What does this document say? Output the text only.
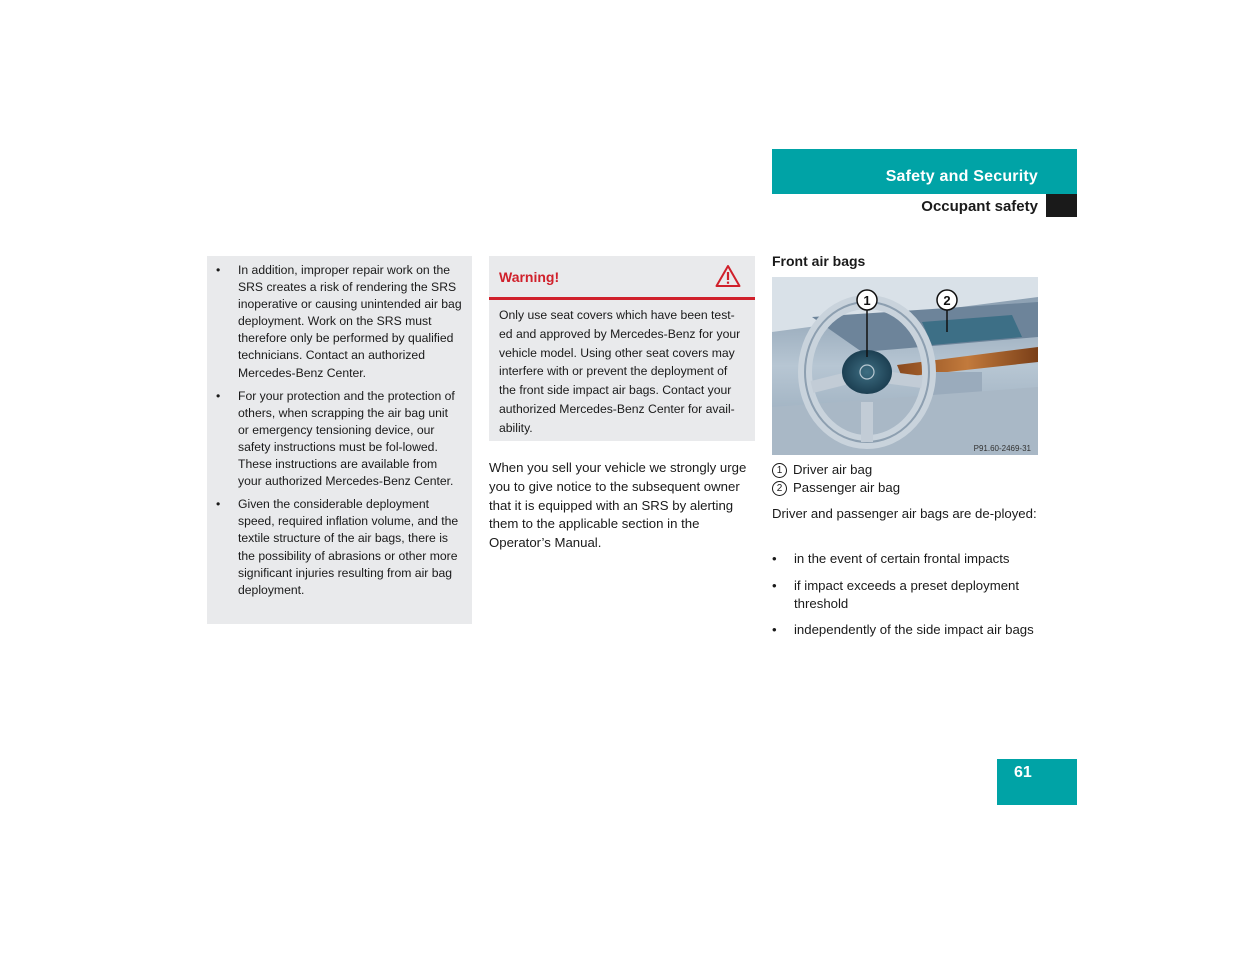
Safety and Security
Occupant safety
• In addition, improper repair work on the SRS creates a risk of rendering the SRS inoperative or causing unintended air bag deployment. Work on the SRS must therefore only be performed by qualified technicians. Contact an authorized Mercedes-Benz Center.
• For your protection and the protection of others, when scrapping the air bag unit or emergency tensioning device, our safety instructions must be fol-lowed. These instructions are available from your authorized Mercedes-Benz Center.
• Given the considerable deployment speed, required inflation volume, and the textile structure of the air bags, there is the possibility of abrasions or other more significant injuries resulting from air bag deployment.
Warning!
Only use seat covers which have been test-ed and approved by Mercedes-Benz for your vehicle model. Using other seat covers may interfere with or prevent the deployment of the front side impact air bags. Contact your authorized Mercedes-Benz Center for avail-ability.
When you sell your vehicle we strongly urge you to give notice to the subsequent owner that it is equipped with an SRS by alerting them to the applicable section in the Operator’s Manual.
Front air bags
1	2
P91.60-2469-31
1 Driver air bag
2 Passenger air bag
Driver and passenger air bags are de-ployed:
• in the event of certain frontal impacts
• if impact exceeds a preset deployment threshold
• independently of the side impact air bags
61
